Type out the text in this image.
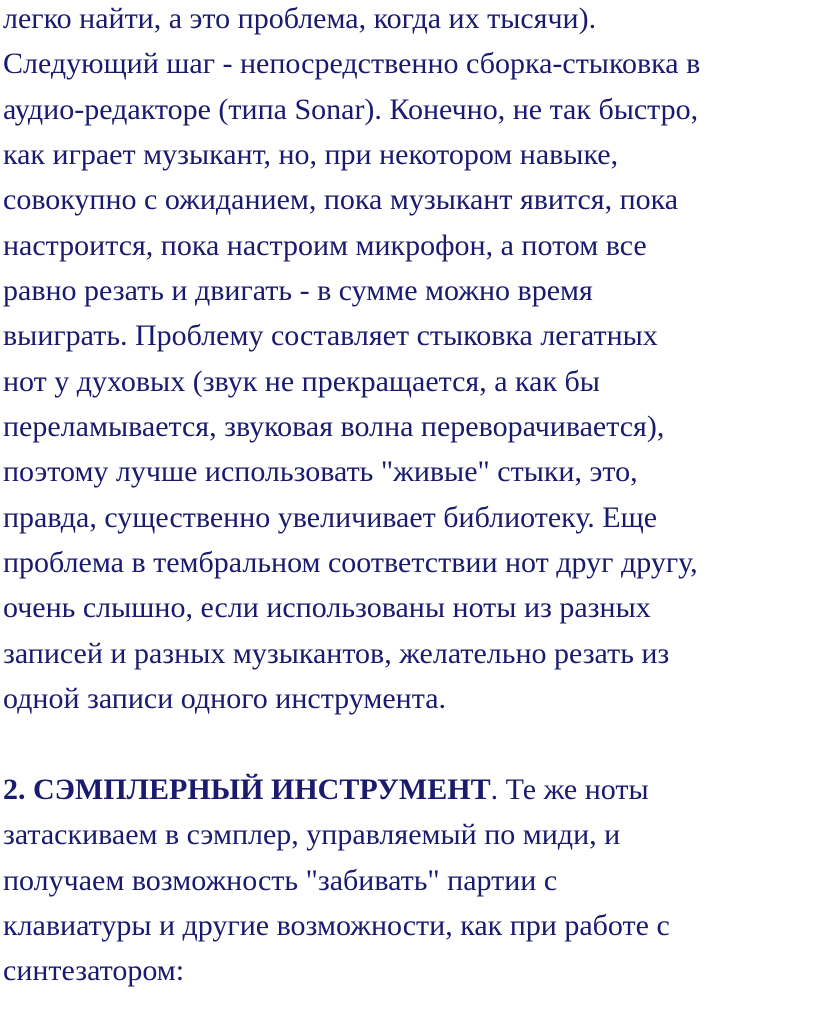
легко найти, а это проблема, когда их тысячи).
Следующий шаг - непосредственно сборка-стыковка в
аудио-редакторе (типа Sonar). Конечно, не так быстро,
как играет музыкант, но, при некотором навыке,
совокупно с ожиданием, пока музыкант явится, пока
настроится, пока настроим микрофон, а потом все
равно резать и двигать - в сумме можно время
выиграть. Проблему составляет стыковка легатных
нот у духовых (звук не прекращается, а как бы
переламывается, звуковая волна переворачивается),
поэтому лучше использовать "живые" стыки, это,
правда, существенно увеличивает библиотеку. Еще
проблема в тембральном соответствии нот друг другу,
очень слышно, если использованы ноты из разных
записей и разных музыкантов, желательно резать из
одной записи одного инструмента.
2. СЭМПЛЕРНЫЙ ИНСТРУМЕНТ. Те же ноты
затаскиваем в сэмплер, управляемый по миди, и
получаем возможность "забивать" партии с
клавиатуры и другие возможности, как при работе с
синтезатором:
